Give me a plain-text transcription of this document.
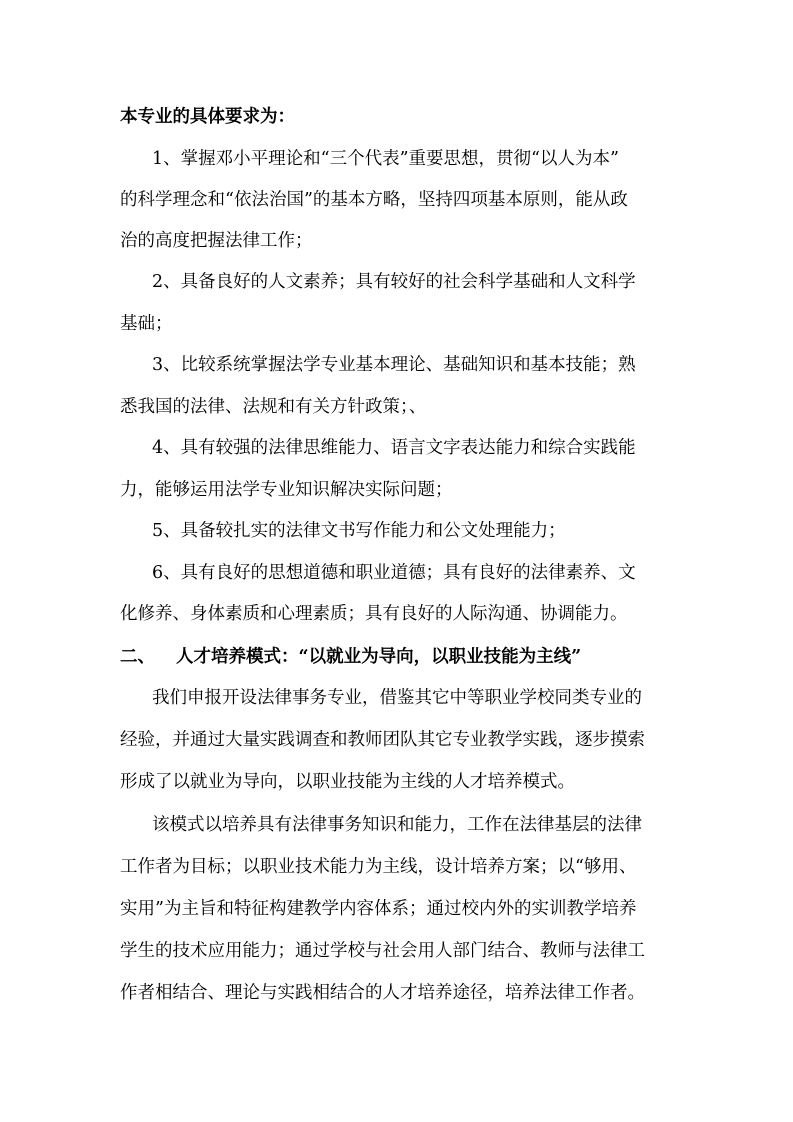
本专业的具体要求为：
1、掌握邓小平理论和“三个代表”重要思想，贯彻“以人为本”
的科学理念和“依法治国”的基本方略，坚持四项基本原则，能从政
治的高度把握法律工作；
2、具备良好的人文素养；具有较好的社会科学基础和人文科学
基础；
3、比较系统掌握法学专业基本理论、基础知识和基本技能；熟
悉我国的法律、法规和有关方针政策；、
4、具有较强的法律思维能力、语言文字表达能力和综合实践能
力，能够运用法学专业知识解决实际问题；
5、具备较扎实的法律文书写作能力和公文处理能力；
6、具有良好的思想道德和职业道德；具有良好的法律素养、文
化修养、身体素质和心理素质；具有良好的人际沟通、协调能力。
二、	人才培养模式：“以就业为导向，以职业技能为主线”
我们申报开设法律事务专业，借鉴其它中等职业学校同类专业的
经验，并通过大量实践调查和教师团队其它专业教学实践，逐步摸索
形成了以就业为导向，以职业技能为主线的人才培养模式。
该模式以培养具有法律事务知识和能力，工作在法律基层的法律
工作者为目标；以职业技术能力为主线，设计培养方案；以“够用、
实用”为主旨和特征构建教学内容体系；通过校内外的实训教学培养
学生的技术应用能力；通过学校与社会用人部门结合、教师与法律工
作者相结合、理论与实践相结合的人才培养途径，培养法律工作者。
